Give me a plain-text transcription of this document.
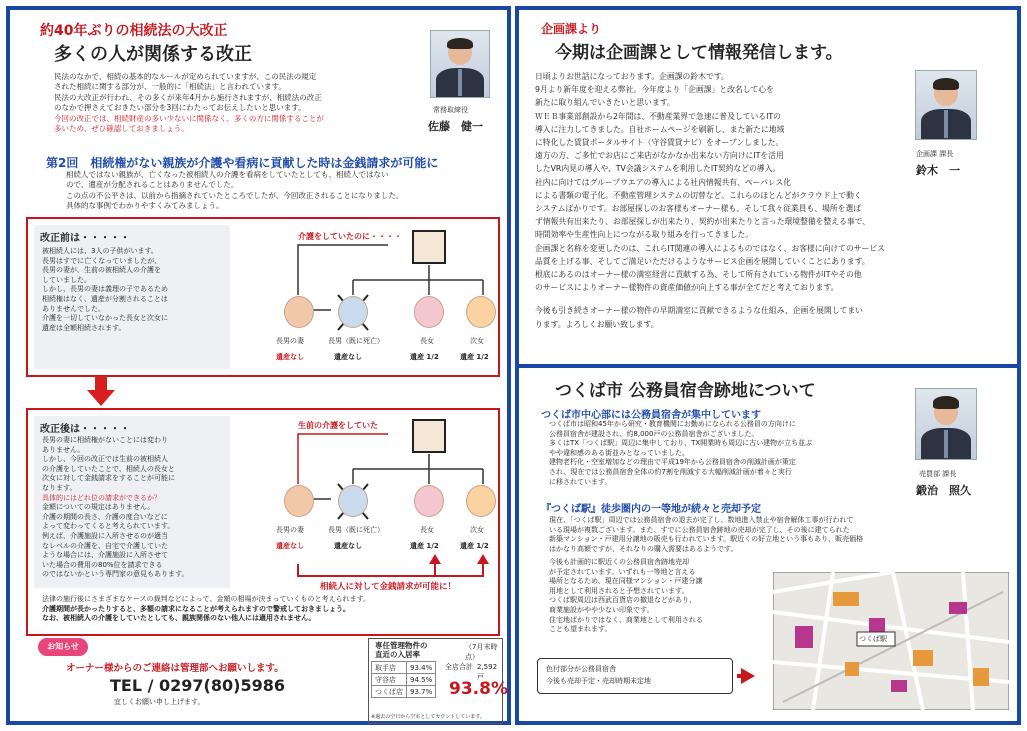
約40年ぶりの相続法の大改正
多くの人が関係する改正
民法のなかで、相続の基本的なルールが定められていますが、この民法の規定
された相続に関する部分が、一般的に「相続法」と言われています。
民法の大改正が行われ、その多くが来年4月から施行されますが、相続法の改正
のなかで押さえておきたい部分を3回にわたってお伝えしたいと思います。
今回の改正では、相続財産の多い少ないに関係なく、多くの方に関係することが
多いため、ぜひ確認しておきましょう。
常務取締役
佐藤　健一
第2回　相続権がない親族が介護や看病に貢献した時は金銭請求が可能に
相続人ではない親族が、亡くなった被相続人の介護を看病をしていたとしても、相続人ではない
ので、遺産が分配されることはありませんでした。
この点の不公平さは、以前から指摘されていたところでしたが、今回改正されることになりました。
具体的な事例でわかりやすくみてみましょう。
改正前は・・・・・
被相続人には、3人の子供がいます。
長男はすでに亡くなっていましたが、
長男の妻が、生前の被相続人の介護を
していました。
しかし、長男の妻は義理の子であるため
相続権はなく、遺産が分割されることは
ありませんでした。
介護を一切していなかった長女と次女に
遺産は全額相続されます。
介護をしていたのに・・・・
長男の妻	長男（既に死亡）	長女	次女
遺産なし	遺産なし	遺産 1/2	遺産 1/2
改正後は・・・・・
長男の妻に相続権がないことには変わり
ありません。
しかし、今回の改正では生前の被相続人
の介護をしていたことで、相続人の長女と
次女に対して金銭請求をすることが可能に
なります。
具体的にはどれ位の請求ができるか？
金額についての規定はありません。
介護の期間の長さ、介護の度合いなどに
よって変わってくると考えられています。
例えば、介護施設に入所させるのが適当
なレベルの介護を、自宅で介護していた
ような場合には、介護施設に入所させて
いた場合の費用の80%位を請求できる
のではないかという専門家の意見もあります。
法律の施行後にさまざまなケースの裁判などによって、金額の相場が決まっていくものと考えられます。
介護期間が長かったりすると、多額の請求になることが考えられますので警戒しておきましょう。
なお、被相続人の介護をしていたとしても、親族関係のない他人には適用されません。
生前の介護をしていた
長男の妻	長男（既に死亡）	長女	次女
遺産なし	遺産なし	遺産 1/2	遺産 1/2
相続人に対して金銭請求が可能に！
お知らせ
オーナー様からのご連絡は管理部へお願いします。
TEL / 0297(80)5986
宜しくお願い申し上げます。
専任管理物件の
直近の入居率
（7月末時点）
取手店	93.4%
守谷店	94.5%
つくば店	93.7%
全店合計 2,592戸
93.8%
※過去の空日から空室としてカウントしています。
企画課より
今期は企画課として情報発信します。
企画課 課長
鈴木　一
日頃よりお世話になっております。企画課の鈴木です。
9月より新年度を迎える弊社。今年度より「企画課」と改名して心を
新たに取り組んでいきたいと思います。
ＷＥＢ事業部創設から2年間は、不動産業界で急速に普及しているITの
導入に注力してきました。自社ホームページを刷新し、また新たに地域
に特化した賃貸ポータルサイト（守谷賃貸ナビ）をオープンしました。
遠方の方、ご多忙でお店にご来店がなかなか出来ない方向けにITを活用
したVR内見の導入や、TV会議システムを利用したIT契約などの導入。
社内に向けてはグループウエアの導入による社内情報共有、ペーパレス化
による書類の電子化。不動産管理システムの切替など。これらのほとんどがクラウド上で動く
システムばかりです。お部屋探しのお客様もオーナー様も、そして我々従業員も、場所を選ば
ず情報共有出来たり、お部屋探しが出来たり、契約が出来たりと言った環境整備を整える事で、
時間効率や生産性向上につながる取り組みを行ってきました。
企画課と名称を変更したのは、これらIT関連の導入によるものではなく、お客様に向けてのサービス
品質を上げる事、そしてご満足いただけるようなサービス企画を展開していくことにあります。
根底にあるのはオーナー様の満室経営に貢献する為、そして所有されている物件がITやその他
のサービスによりオーナー様物件の資産価値が向上する事が全てだと考えております。
今後も引き続きオーナー様の物件の早期満室に貢献できるような仕組み、企画を展開してまい
ります。よろしくお願い致します。
つくば市 公務員宿舎跡地について
つくば市中心部には公務員宿舎が集中しています
つくば市は昭和45年から研究・教育機関にお勤めになられる公務員の方向けに
公務員宿舎が建設され、約8,000戸の公務員宿舎がございました。
多くはTX「つくば駅」周辺に集中しており、TX開業時も周辺に古い建物が立ち並ぶ
やや違和感のある街並みとなっていました。
建物老朽化・空室増加などの理由で平成19年から公務員宿舎の削減計画が策定
され、現在では公務員宿舎全体の約7割を削減する大幅削減計画が着々と実行
に移されています。
売買部 課長
鍛治　照久
『つくば駅』徒歩圏内の一等地が続々と売却予定
現在、「つくば駅」周辺では公務員宿舎の退去が完了し、数地進入禁止や宿舎解体工事が行われて
いる現場が複数ございます。また、すでに公務員宿舎跡地の売却が完了し、その後に建てられた
新築マンション・戸建用分譲地の販売も行われています。駅近くの好立地という事もあり、販売価格
はかなり高額ですが、それなりの購入需要はあるようです。
今後も計画的に駅近くの公務員宿舎跡地売却
が予定されています。いずれも一等地と言える
場所となるため、現在同様マンション・戸建分譲
用地として利用されると予想されています。
つくば駅周辺は西武百貨店の撤退などがあり、
商業施設がやや少ない印象です。
住宅地ばかりではなく、商業地として利用される
ことも望まれます。
色付部分が公務員宿舎
今後も売却予定・売却時期未定地
つくば駅
